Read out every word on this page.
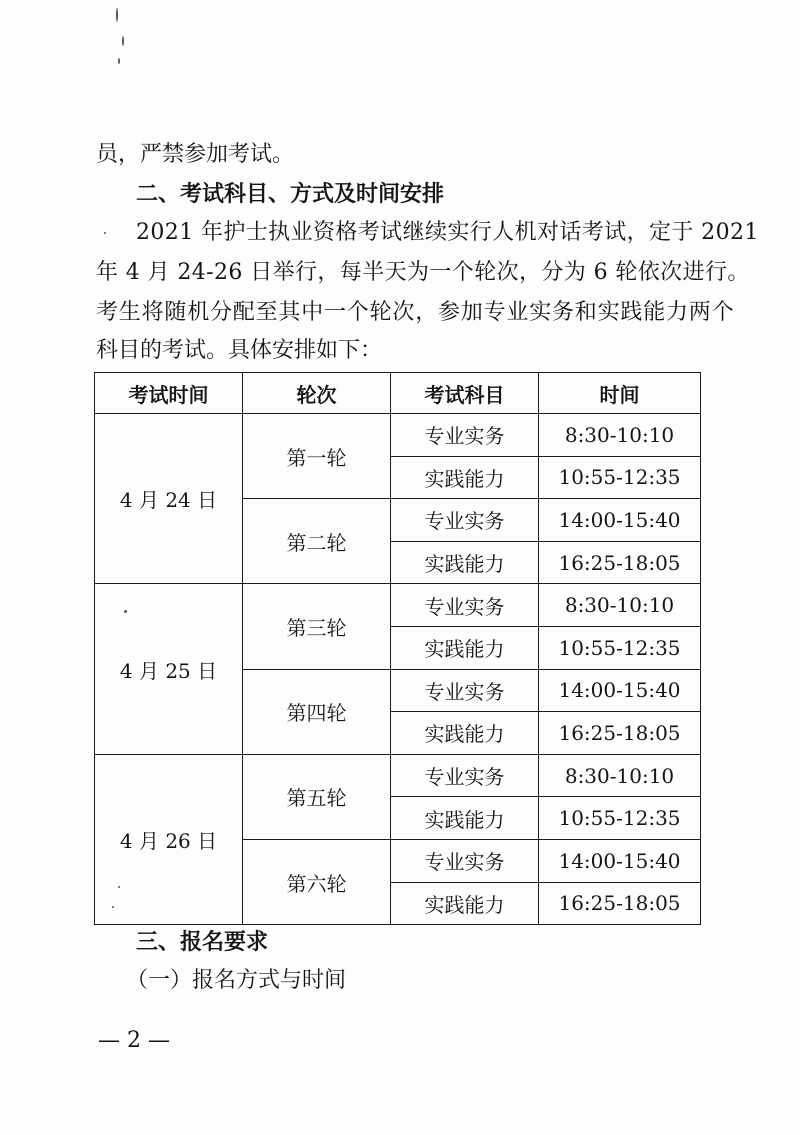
员，严禁参加考试。
二、考试科目、方式及时间安排
2021 年护士执业资格考试继续实行人机对话考试，定于 2021
年 4 月 24-26 日举行，每半天为一个轮次，分为 6 轮依次进行。
考生将随机分配至其中一个轮次，参加专业实务和实践能力两个
科目的考试。具体安排如下：
考试时间	轮次	考试科目	时间
4 月 24 日	第一轮	专业实务	8:30-10:10
		实践能力	10:55-12:35
	第二轮	专业实务	14:00-15:40
		实践能力	16:25-18:05
4 月 25 日	第三轮	专业实务	8:30-10:10
		实践能力	10:55-12:35
	第四轮	专业实务	14:00-15:40
		实践能力	16:25-18:05
4 月 26 日	第五轮	专业实务	8:30-10:10
		实践能力	10:55-12:35
	第六轮	专业实务	14:00-15:40
		实践能力	16:25-18:05
三、报名要求
（一）报名方式与时间
— 2 —
